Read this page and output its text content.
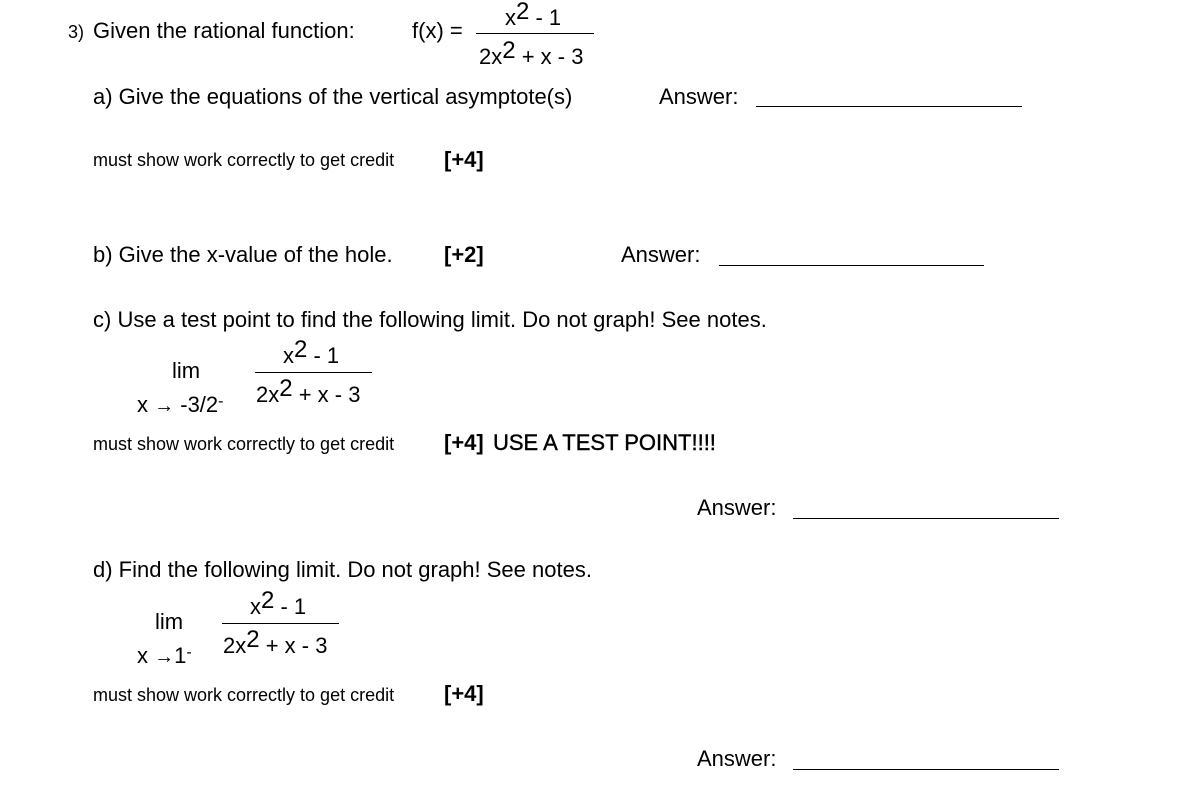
3) Given the rational function:	f(x) =
$x^2 - 1$
$2x^2 + x - 3$
a) Give the equations of the vertical asymptote(s)	Answer:
must show work correctly to get credit [+4]
b) Give the x-value of the hole. [+2]	Answer:
c) Use a test point to find the following limit. Do not graph! See notes.
lim
x → -3/2-
$x^2 - 1$
$2x^2 + x - 3$
must show work correctly to get credit [+4] USE A TEST POINT!!!!
Answer:
d) Find the following limit. Do not graph! See notes.
lim
x →1-
$x^2 - 1$
$2x^2 + x - 3$
must show work correctly to get credit [+4]
Answer:
